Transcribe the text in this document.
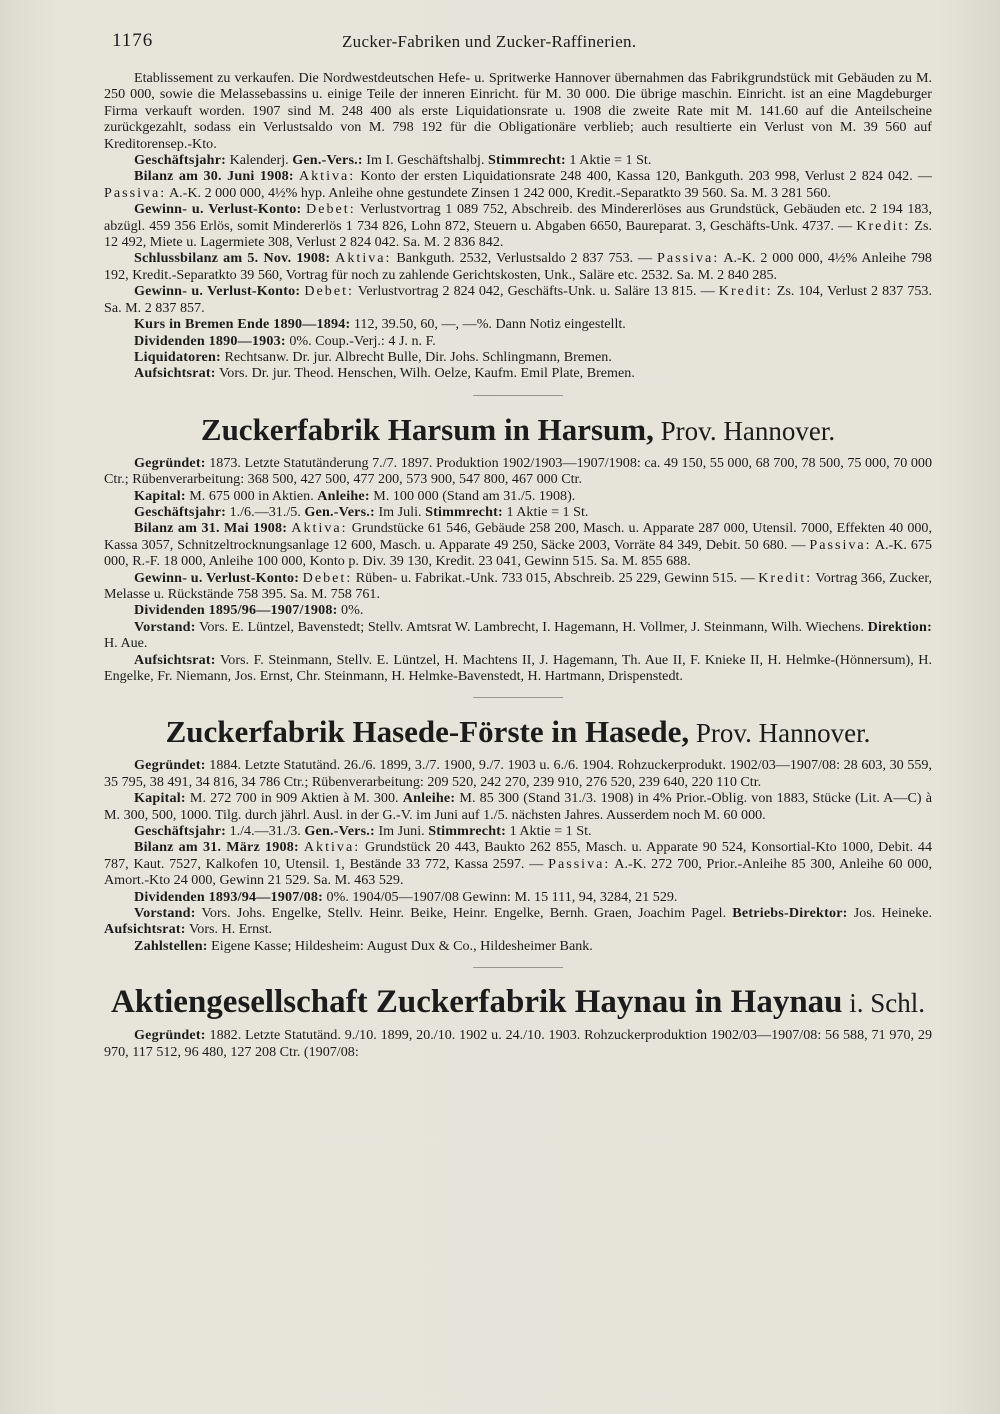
1176	Zucker-Fabriken und Zucker-Raffinerien.

Etablissement zu verkaufen. Die Nordwestdeutschen Hefe- u. Spritwerke Hannover übernahmen das Fabrikgrundstück mit Gebäuden zu M. 250 000, sowie die Melassebassins u. einige Teile der inneren Einricht. für M. 30 000. Die übrige maschin. Einricht. ist an eine Magdeburger Firma verkauft worden. 1907 sind M. 248 400 als erste Liquidationsrate u. 1908 die zweite Rate mit M. 141.60 auf die Anteilscheine zurückgezahlt, sodass ein Verlustsaldo von M. 798 192 für die Obligationäre verblieb; auch resultierte ein Verlust von M. 39 560 auf Kreditorensep.-Kto.

Geschäftsjahr: Kalenderj. Gen.-Vers.: Im I. Geschäftshalbj. Stimmrecht: 1 Aktie = 1 St.

Bilanz am 30. Juni 1908: Aktiva: Konto der ersten Liquidationsrate 248 400, Kassa 120, Bankguth. 203 998, Verlust 2 824 042. — Passiva: A.-K. 2 000 000, 4½% hyp. Anleihe ohne gestundete Zinsen 1 242 000, Kredit.-Separatkto 39 560. Sa. M. 3 281 560.

Gewinn- u. Verlust-Konto: Debet: Verlustvortrag 1 089 752, Abschreib. des Mindererlöses aus Grundstück, Gebäuden etc. 2 194 183, abzügl. 459 356 Erlös, somit Mindererlös 1 734 826, Lohn 872, Steuern u. Abgaben 6650, Baureparat. 3, Geschäfts-Unk. 4737. — Kredit: Zs. 12 492, Miete u. Lagermiete 308, Verlust 2 824 042. Sa. M. 2 836 842.

Schlussbilanz am 5. Nov. 1908: Aktiva: Bankguth. 2532, Verlustsaldo 2 837 753. — Passiva: A.-K. 2 000 000, 4½% Anleihe 798 192, Kredit.-Separatkto 39 560, Vortrag für noch zu zahlende Gerichtskosten, Unk., Saläre etc. 2532. Sa. M. 2 840 285.

Gewinn- u. Verlust-Konto: Debet: Verlustvortrag 2 824 042, Geschäfts-Unk. u. Saläre 13 815. — Kredit: Zs. 104, Verlust 2 837 753. Sa. M. 2 837 857.

Kurs in Bremen Ende 1890—1894: 112, 39.50, 60, —, —%. Dann Notiz eingestellt.

Dividenden 1890—1903: 0%. Coup.-Verj.: 4 J. n. F.

Liquidatoren: Rechtsanw. Dr. jur. Albrecht Bulle, Dir. Johs. Schlingmann, Bremen.

Aufsichtsrat: Vors. Dr. jur. Theod. Henschen, Wilh. Oelze, Kaufm. Emil Plate, Bremen.

Zuckerfabrik Harsum in Harsum, Prov. Hannover.

Gegründet: 1873. Letzte Statutänderung 7./7. 1897. Produktion 1902/1903—1907/1908: ca. 49 150, 55 000, 68 700, 78 500, 75 000, 70 000 Ctr.; Rübenverarbeitung: 368 500, 427 500, 477 200, 573 900, 547 800, 467 000 Ctr.

Kapital: M. 675 000 in Aktien. Anleihe: M. 100 000 (Stand am 31./5. 1908).

Geschäftsjahr: 1./6.—31./5. Gen.-Vers.: Im Juli. Stimmrecht: 1 Aktie = 1 St.

Bilanz am 31. Mai 1908: Aktiva: Grundstücke 61 546, Gebäude 258 200, Masch. u. Apparate 287 000, Utensil. 7000, Effekten 40 000, Kassa 3057, Schnitzeltrocknungsanlage 12 600, Masch. u. Apparate 49 250, Säcke 2003, Vorräte 84 349, Debit. 50 680. — Passiva: A.-K. 675 000, R.-F. 18 000, Anleihe 100 000, Konto p. Div. 39 130, Kredit. 23 041, Gewinn 515. Sa. M. 855 688.

Gewinn- u. Verlust-Konto: Debet: Rüben- u. Fabrikat.-Unk. 733 015, Abschreib. 25 229, Gewinn 515. — Kredit: Vortrag 366, Zucker, Melasse u. Rückstände 758 395. Sa. M. 758 761.

Dividenden 1895/96—1907/1908: 0%.

Vorstand: Vors. E. Lüntzel, Bavenstedt; Stellv. Amtsrat W. Lambrecht, I. Hagemann, H. Vollmer, J. Steinmann, Wilh. Wiechens. Direktion: H. Aue.

Aufsichtsrat: Vors. F. Steinmann, Stellv. E. Lüntzel, H. Machtens II, J. Hagemann, Th. Aue II, F. Knieke II, H. Helmke-(Hönnersum), H. Engelke, Fr. Niemann, Jos. Ernst, Chr. Steinmann, H. Helmke-Bavenstedt, H. Hartmann, Drispenstedt.

Zuckerfabrik Hasede-Förste in Hasede, Prov. Hannover.

Gegründet: 1884. Letzte Statutänd. 26./6. 1899, 3./7. 1900, 9./7. 1903 u. 6./6. 1904. Rohzuckerprodukt. 1902/03—1907/08: 28 603, 30 559, 35 795, 38 491, 34 816, 34 786 Ctr.; Rübenverarbeitung: 209 520, 242 270, 239 910, 276 520, 239 640, 220 110 Ctr.

Kapital: M. 272 700 in 909 Aktien à M. 300. Anleihe: M. 85 300 (Stand 31./3. 1908) in 4% Prior.-Oblig. von 1883, Stücke (Lit. A—C) à M. 300, 500, 1000. Tilg. durch jährl. Ausl. in der G.-V. im Juni auf 1./5. nächsten Jahres. Ausserdem noch M. 60 000.

Geschäftsjahr: 1./4.—31./3. Gen.-Vers.: Im Juni. Stimmrecht: 1 Aktie = 1 St.

Bilanz am 31. März 1908: Aktiva: Grundstück 20 443, Baukto 262 855, Masch. u. Apparate 90 524, Konsortial-Kto 1000, Debit. 44 787, Kaut. 7527, Kalkofen 10, Utensil. 1, Bestände 33 772, Kassa 2597. — Passiva: A.-K. 272 700, Prior.-Anleihe 85 300, Anleihe 60 000, Amort.-Kto 24 000, Gewinn 21 529. Sa. M. 463 529.

Dividenden 1893/94—1907/08: 0%. 1904/05—1907/08 Gewinn: M. 15 111, 94, 3284, 21 529.

Vorstand: Vors. Johs. Engelke, Stellv. Heinr. Beike, Heinr. Engelke, Bernh. Graen, Joachim Pagel. Betriebs-Direktor: Jos. Heineke. Aufsichtsrat: Vors. H. Ernst.

Zahlstellen: Eigene Kasse; Hildesheim: August Dux & Co., Hildesheimer Bank.

Aktiengesellschaft Zuckerfabrik Haynau in Haynau i. Schl.

Gegründet: 1882. Letzte Statutänd. 9./10. 1899, 20./10. 1902 u. 24./10. 1903. Rohzuckerproduktion 1902/03—1907/08: 56 588, 71 970, 29 970, 117 512, 96 480, 127 208 Ctr. (1907/08:
